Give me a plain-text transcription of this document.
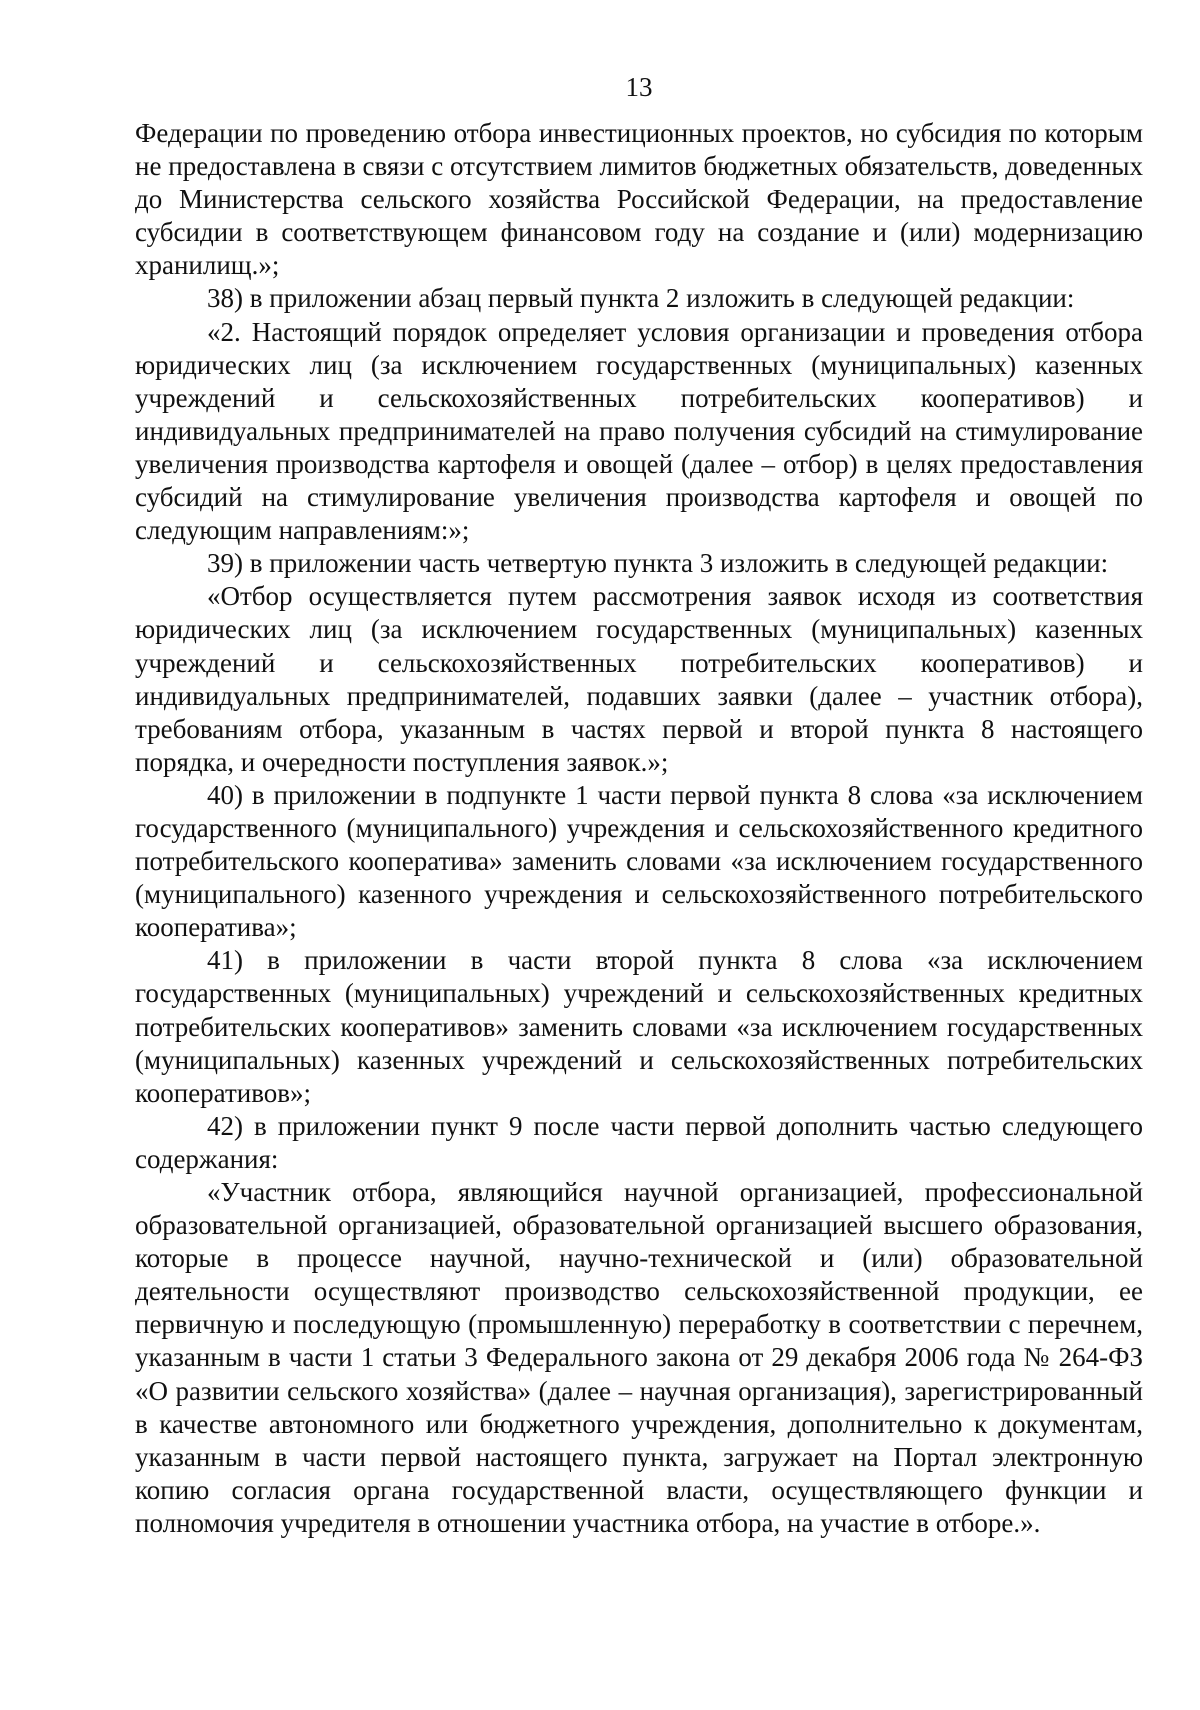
13

Федерации по проведению отбора инвестиционных проектов, но субсидия по которым не предоставлена в связи с отсутствием лимитов бюджетных обязательств, доведенных до Министерства сельского хозяйства Российской Федерации, на предоставление субсидии в соответствующем финансовом году на создание и (или) модернизацию хранилищ.»;

38) в приложении абзац первый пункта 2 изложить в следующей редакции:

«2. Настоящий порядок определяет условия организации и проведения отбора юридических лиц (за исключением государственных (муниципальных) казенных учреждений и сельскохозяйственных потребительских кооперативов) и индивидуальных предпринимателей на право получения субсидий на стимулирование увеличения производства картофеля и овощей (далее – отбор) в целях предоставления субсидий на стимулирование увеличения производства картофеля и овощей по следующим направлениям:»;

39) в приложении часть четвертую пункта 3 изложить в следующей редакции:

«Отбор осуществляется путем рассмотрения заявок исходя из соответствия юридических лиц (за исключением государственных (муниципальных) казенных учреждений и сельскохозяйственных потребительских кооперативов) и индивидуальных предпринимателей, подавших заявки (далее – участник отбора), требованиям отбора, указанным в частях первой и второй пункта 8 настоящего порядка, и очередности поступления заявок.»;

40) в приложении в подпункте 1 части первой пункта 8 слова «за исключением государственного (муниципального) учреждения и сельскохозяйственного кредитного потребительского кооператива» заменить словами «за исключением государственного (муниципального) казенного учреждения и сельскохозяйственного потребительского кооператива»;

41) в приложении в части второй пункта 8 слова «за исключением государственных (муниципальных) учреждений и сельскохозяйственных кредитных потребительских кооперативов» заменить словами «за исключением государственных (муниципальных) казенных учреждений и сельскохозяйственных потребительских кооперативов»;

42) в приложении пункт 9 после части первой дополнить частью следующего содержания:

«Участник отбора, являющийся научной организацией, профессиональной образовательной организацией, образовательной организацией высшего образования, которые в процессе научной, научно-технической и (или) образовательной деятельности осуществляют производство сельскохозяйственной продукции, ее первичную и последующую (промышленную) переработку в соответствии с перечнем, указанным в части 1 статьи 3 Федерального закона от 29 декабря 2006 года № 264-ФЗ «О развитии сельского хозяйства» (далее – научная организация), зарегистрированный в качестве автономного или бюджетного учреждения, дополнительно к документам, указанным в части первой настоящего пункта, загружает на Портал электронную копию согласия органа государственной власти, осуществляющего функции и полномочия учредителя в отношении участника отбора, на участие в отборе.».
